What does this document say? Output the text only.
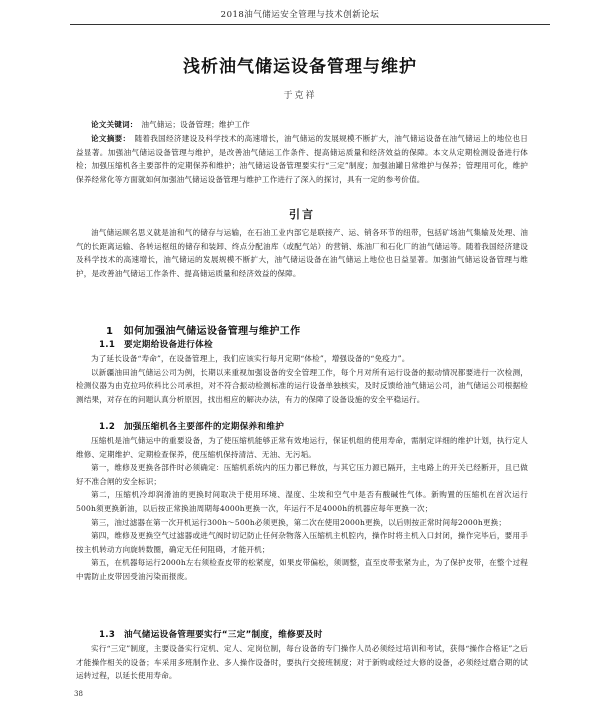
2018油气储运安全管理与技术创新论坛
浅析油气储运设备管理与维护
于克祥

论文关键词：　 油气储运；设备管理；维护工作

论文摘要：　 随着我国经济建设及科学技术的高速增长，油气储运的发展规模不断扩大，油气储运设备在油气储运上的地位也日益显著。加强油气储运设备管理与维护，是改善油气储运工作条件、提高储运质量和经济效益的保障。本文从定期检测设备进行体检；加强压缩机各主要部件的定期保养和维护；油气储运设备管理要实行“三定”制度；加强油罐日常维护与保养；管理用可化，维护保养经常化等方面就如何加强油气储运设备管理与维护工作进行了深入的探讨，具有一定的参考价值。

引言

油气储运顾名思义就是油和气的储存与运输，在石油工业内部它是联接产、运、销各环节的纽带，包括矿场油气集输及处理、油气的长距离运输、各转运枢纽的储存和装卸、终点分配油库（或配气站）的营销、炼油厂和石化厂的油气储运等。随着我国经济建设及科学技术的高速增长，油气储运的发展规模不断扩大，油气储运设备在油气储运上地位也日益显著。加强油气储运设备管理与维护，是改善油气储运工作条件、提高储运质量和经济效益的保障。

1　如何加强油气储运设备管理与维护工作
1.1　要定期给设备进行体检

为了延长设备“寿命”，在设备管理上，我们应该实行每月定期“体检”，增强设备的“免疫力”。

以新疆油田油气储运公司为例，长期以来重视加强设备的安全管理工作，每个月对所有运行设备的振动情况都要进行一次检测，检测仪器为由克拉玛依科比公司承担，对不符合振动检测标准的运行设备单独核实，及时反馈给油气储运公司，油气储运公司根据检测结果，对存在的问题认真分析原因，找出相应的解决办法，有力的保障了设备设施的安全平稳运行。

1.2　加强压缩机各主要部件的定期保养和维护

压缩机是油气储运中的重要设备，为了使压缩机能够正常有效地运行，保证机组的使用寿命，需制定详细的维护计划，执行定人维修、定期维护、定期检查保养，使压缩机保持清洁、无油、无污垢。

第一，维修及更换各部件时必须确定：压缩机系统内的压力都已释放，与其它压力源已隔开，主电路上的开关已经断开，且已做好不准合闸的安全标识；

第二，压缩机冷却润滑油的更换时间取决于使用环境、湿度、尘埃和空气中是否有酸碱性气体。新购置的压缩机在首次运行500h须更换新油，以后按正常换油周期每4000h更换一次，年运行不足4000h的机器应每年更换一次；

第三，油过滤器在第一次开机运行300h～500h必须更换，第二次在使用2000h更换，以后则按正常时间每2000h更换；

第四，维修及更换空气过滤器或进气阀时切记防止任何杂物落入压缩机主机腔内，操作时将主机入口封闭，操作完毕后，要用手按主机转动方向旋转数圈，确定无任何阻碍，才能开机；

第五，在机器每运行2000h左右须检查皮带的松紧度，如果皮带偏松，须调整，直至皮带张紧为止，为了保护皮带，在整个过程中需防止皮带因受油污染而报废。

1.3　油气储运设备管理要实行“三定”制度，维修要及时

实行“三定”制度，主要设备实行定机、定人、定岗位制，每台设备的专门操作人员必须经过培训和考试，获得“操作合格证”之后才能操作相关的设备；车采用多班制作业、多人操作设备时，要执行交接班制度；对于新购或经过大修的设备，必须经过磨合期的试运转过程，以延长使用寿命。

38
